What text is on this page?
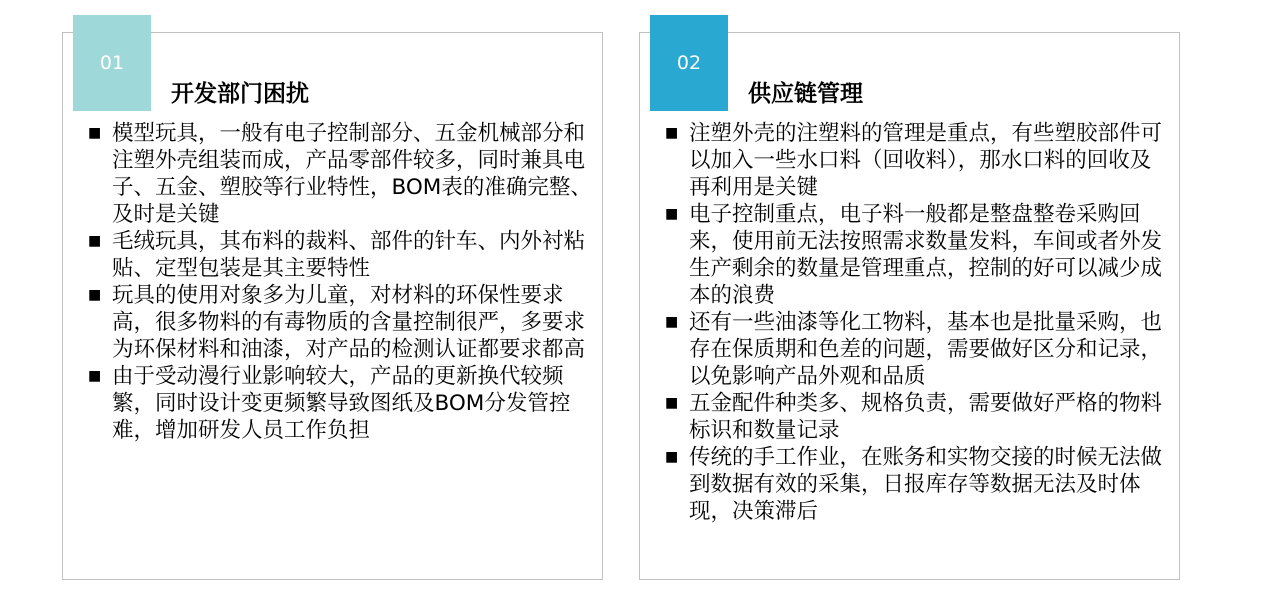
01
开发部门困扰
■ 模型玩具，一般有电子控制部分、五金机械部分和注塑外壳组装而成，产品零部件较多，同时兼具电子、五金、塑胶等行业特性，BOM表的准确完整、及时是关键
■ 毛绒玩具，其布料的裁料、部件的针车、内外衬粘贴、定型包装是其主要特性
■ 玩具的使用对象多为儿童，对材料的环保性要求高，很多物料的有毒物质的含量控制很严，多要求为环保材料和油漆，对产品的检测认证都要求都高
■ 由于受动漫行业影响较大，产品的更新换代较频繁，同时设计变更频繁导致图纸及BOM分发管控难，增加研发人员工作负担
02
供应链管理
■ 注塑外壳的注塑料的管理是重点，有些塑胶部件可以加入一些水口料（回收料），那水口料的回收及再利用是关键
■ 电子控制重点，电子料一般都是整盘整卷采购回来，使用前无法按照需求数量发料，车间或者外发生产剩余的数量是管理重点，控制的好可以减少成本的浪费
■ 还有一些油漆等化工物料，基本也是批量采购，也存在保质期和色差的问题，需要做好区分和记录，以免影响产品外观和品质
■ 五金配件种类多、规格负责，需要做好严格的物料标识和数量记录
■ 传统的手工作业，在账务和实物交接的时候无法做到数据有效的采集，日报库存等数据无法及时体现，决策滞后
